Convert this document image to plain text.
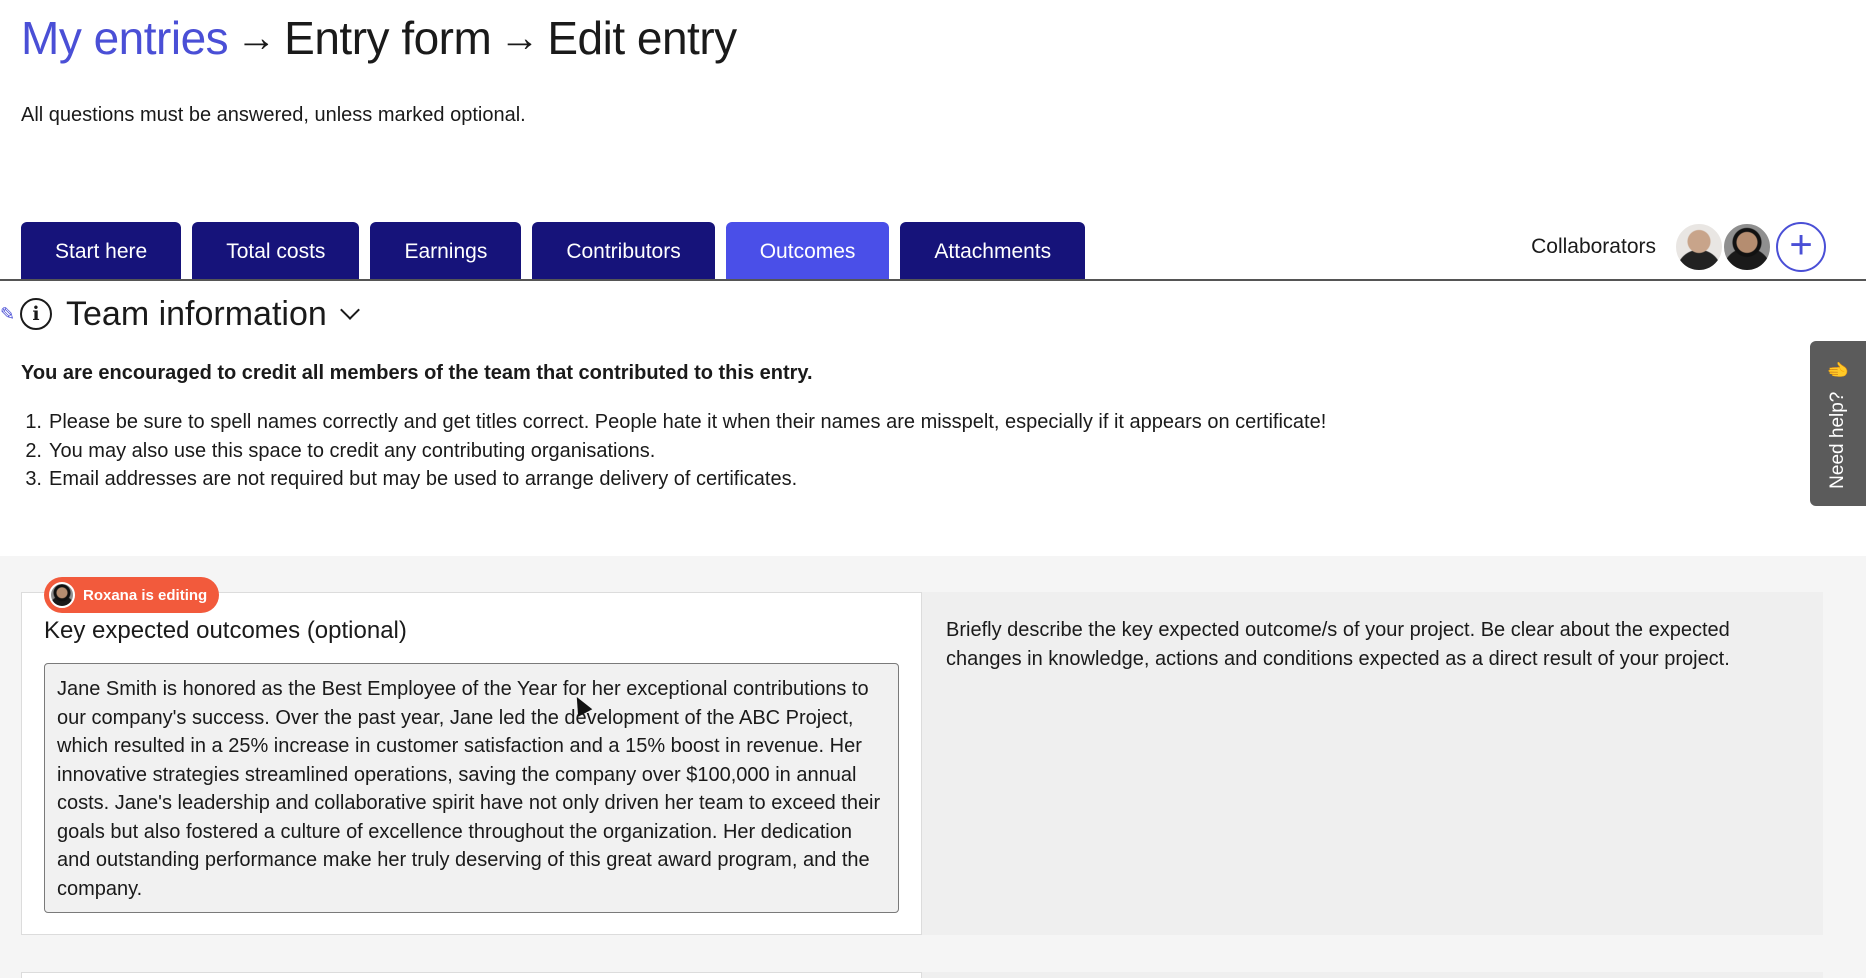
My entries → Entry form → Edit entry

All questions must be answered, unless marked optional.

Start here	Total costs	Earnings	Contributors	Outcomes	Attachments	Collaborators	+
✎ i Team information

You are encouraged to credit all members of the team that contributed to this entry.

1. Please be sure to spell names correctly and get titles correct. People hate it when their names are misspelt, especially if it appears on certificate!
2. You may also use this space to credit any contributing organisations.
3. Email addresses are not required but may be used to arrange delivery of certificates.	Need help?
✋
Roxana is editing
Key expected outcomes (optional)
Jane Smith is honored as the Best Employee of the Year for her exceptional contributions to our company's success. Over the past year, Jane led the development of the ABC Project, which resulted in a 25% increase in customer satisfaction and a 15% boost in revenue. Her innovative strategies streamlined operations, saving the company over $100,000 in annual costs. Jane's leadership and collaborative spirit have not only driven her team to exceed their goals but also fostered a culture of excellence throughout the organization. Her dedication and outstanding performance make her truly deserving of this great award program, and the company.

Briefly describe the key expected outcome/s of your project. Be clear about the expected changes in knowledge, actions and conditions expected as a direct result of your project.
